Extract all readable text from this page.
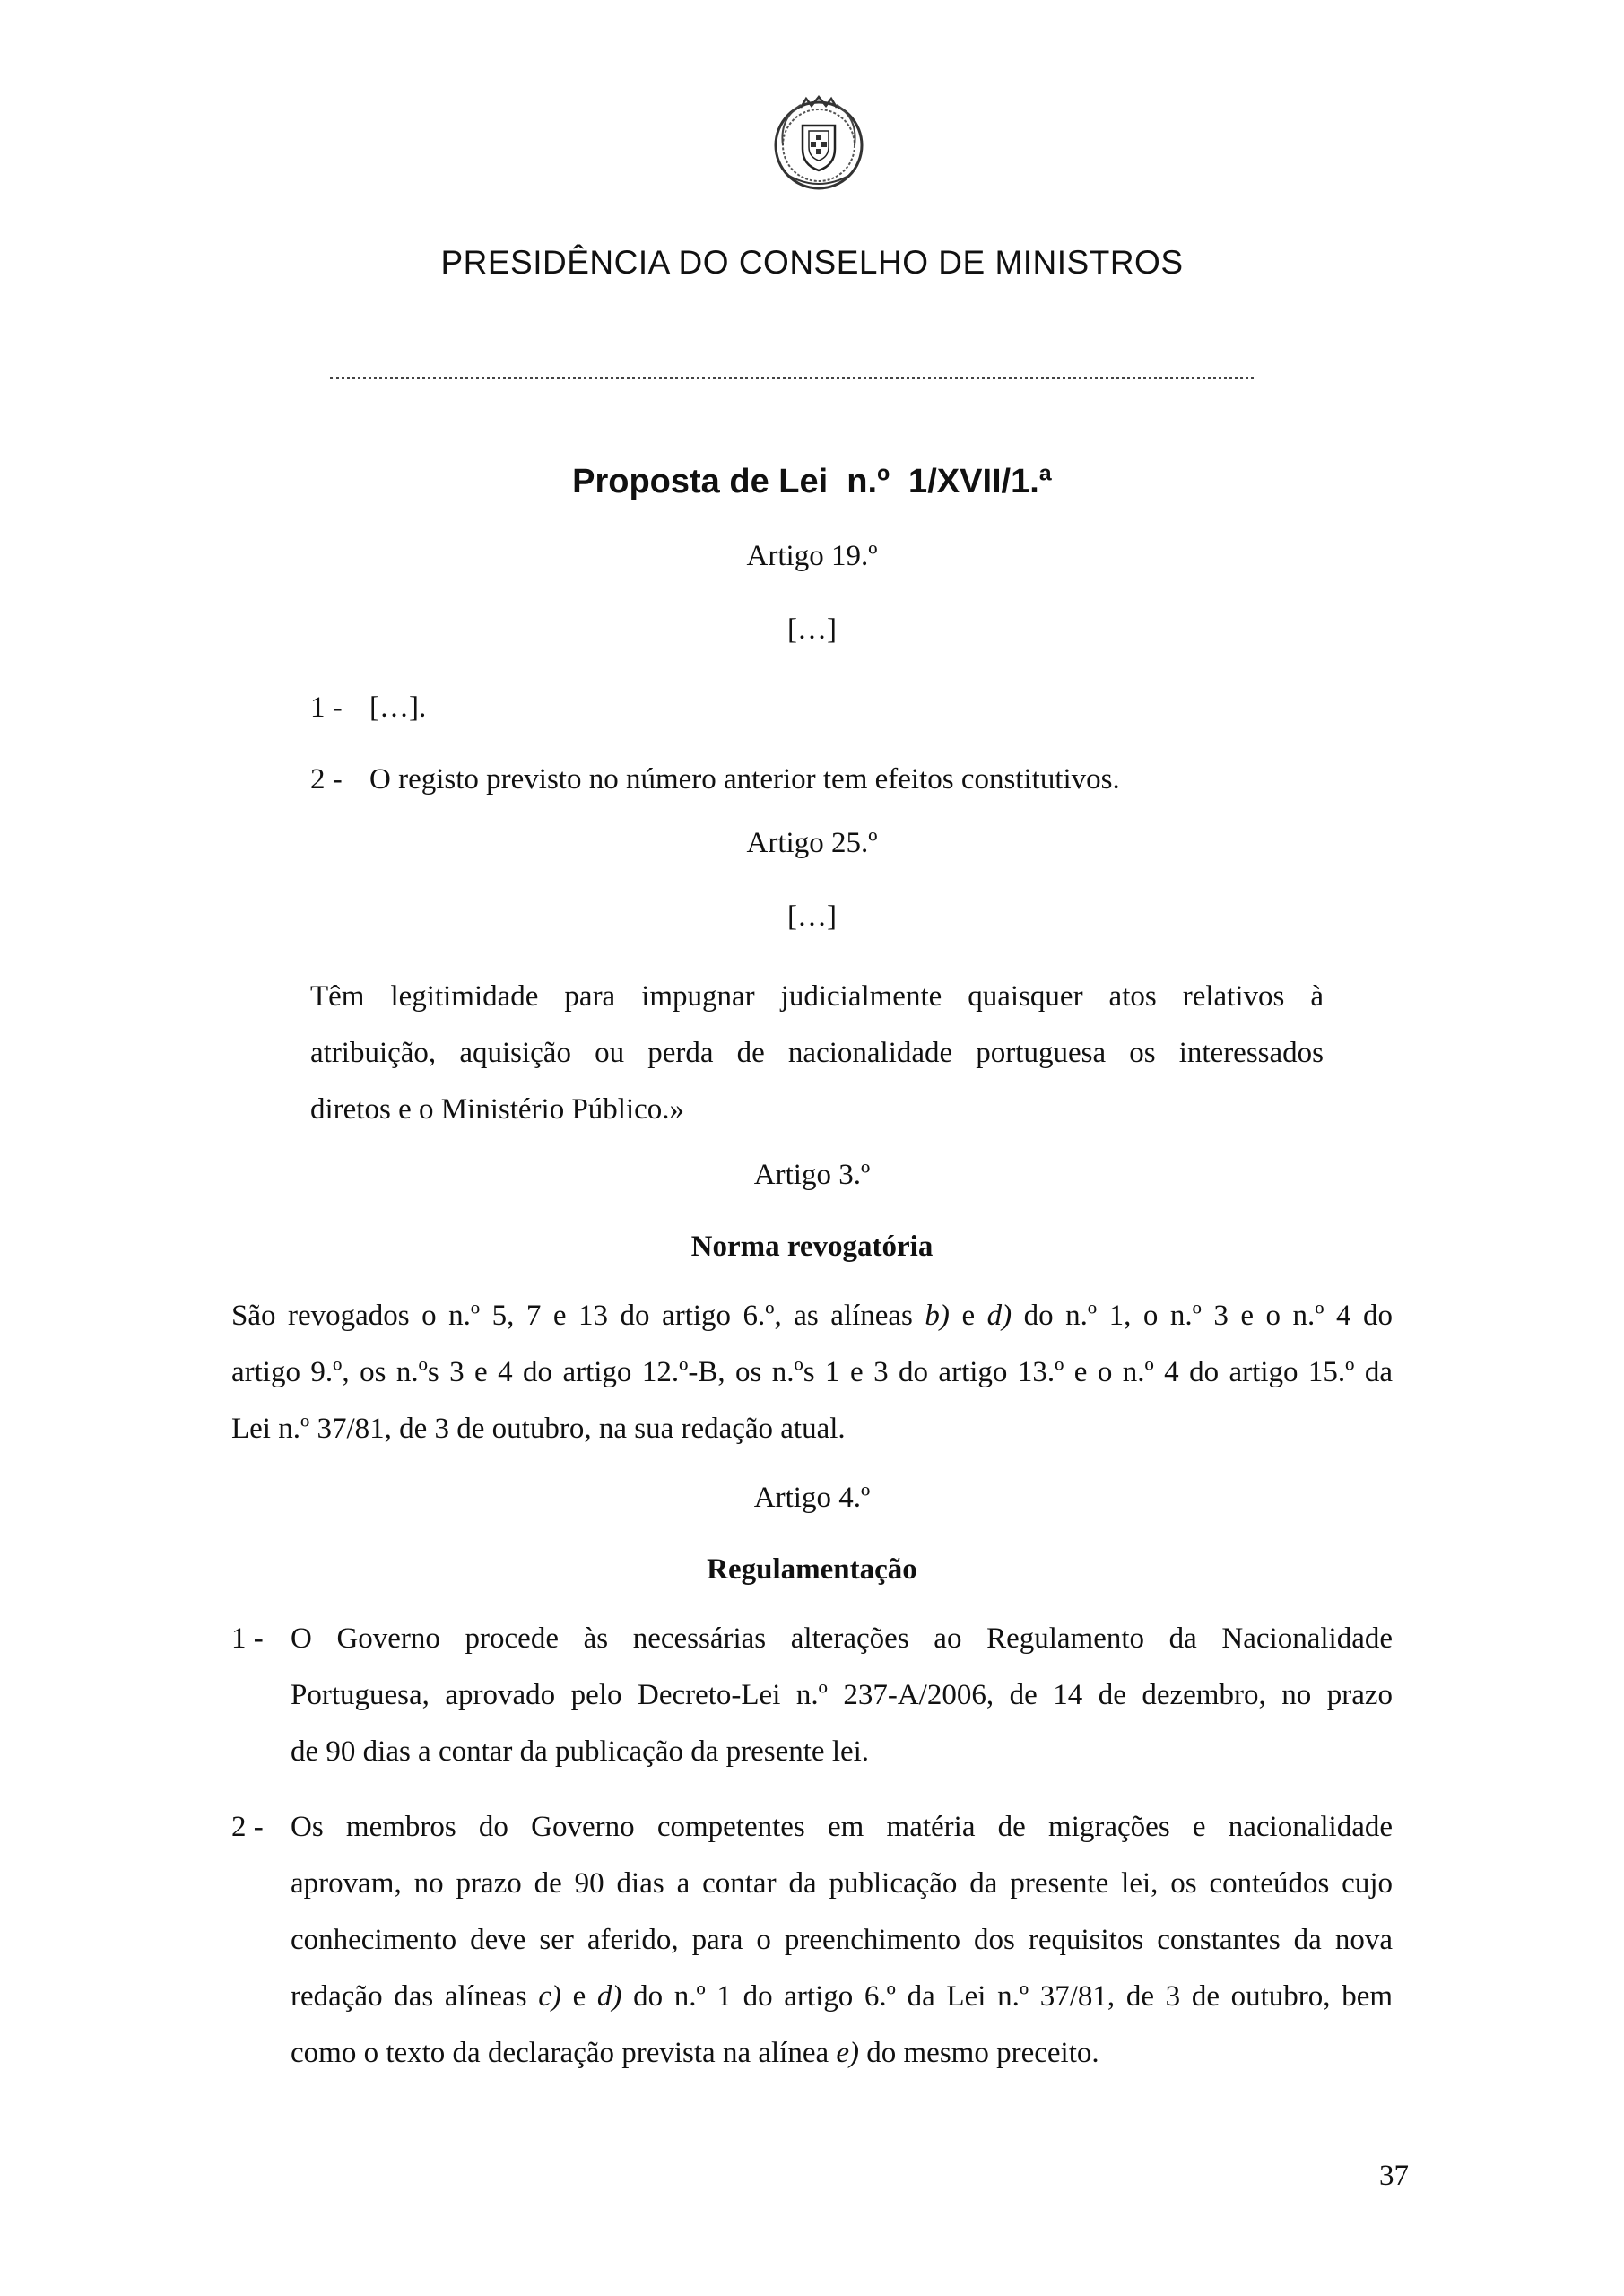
PRESIDÊNCIA DO CONSELHO DE MINISTROS
Proposta de Lei  n.º  1/XVII/1.ª
Artigo 19.º
[…]
1 - […].
2 - O registo previsto no número anterior tem efeitos constitutivos.
Artigo 25.º
[…]

Têm legitimidade para impugnar judicialmente quaisquer atos relativos à

atribuição, aquisição ou perda de nacionalidade portuguesa os interessados

diretos e o Ministério Público.»

Artigo 3.º
Norma revogatória

São revogados o n.º 5, 7 e 13 do artigo 6.º, as alíneas b) e d) do n.º 1, o n.º 3 e o n.º 4 do

artigo 9.º, os n.ºs 3 e 4 do artigo 12.º-B, os n.ºs 1 e 3 do artigo 13.º e o n.º 4 do artigo 15.º da

Lei n.º 37/81, de 3 de outubro, na sua redação atual.

Artigo 4.º
Regulamentação
1 - O Governo procede às necessárias alterações ao Regulamento da Nacionalidade
Portuguesa, aprovado pelo Decreto-Lei n.º 237-A/2006, de 14 de dezembro, no prazo
de 90 dias a contar da publicação da presente lei.
2 - Os membros do Governo competentes em matéria de migrações e nacionalidade
aprovam, no prazo de 90 dias a contar da publicação da presente lei, os conteúdos cujo
conhecimento deve ser aferido, para o preenchimento dos requisitos constantes da nova
redação das alíneas c) e d) do n.º 1 do artigo 6.º da Lei n.º 37/81, de 3 de outubro, bem
como o texto da declaração prevista na alínea e) do mesmo preceito.
37
